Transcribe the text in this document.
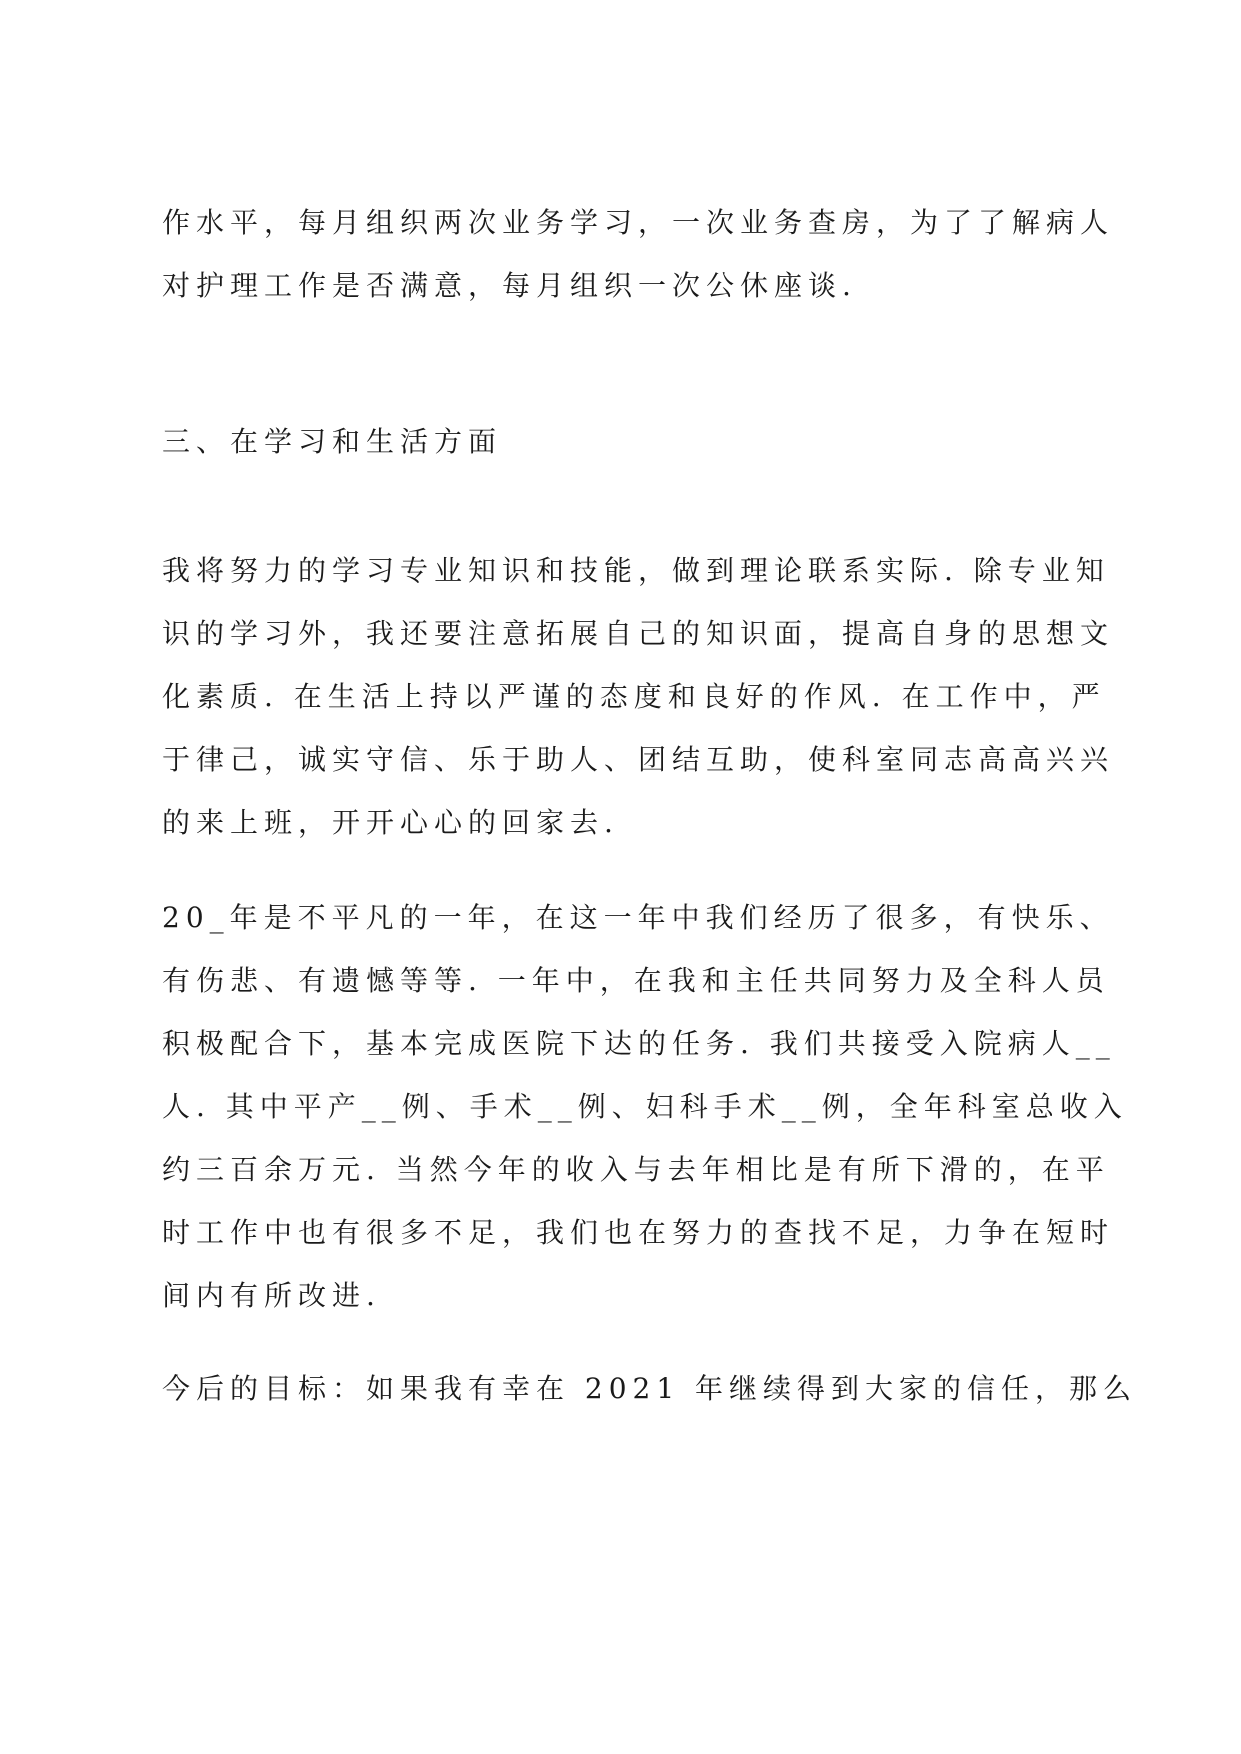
作水平，每月组织两次业务学习，一次业务查房，为了了解病人
对护理工作是否满意，每月组织一次公休座谈.
三、在学习和生活方面
我将努力的学习专业知识和技能，做到理论联系实际. 除专业知
识的学习外，我还要注意拓展自己的知识面，提高自身的思想文
化素质. 在生活上持以严谨的态度和良好的作风. 在工作中，严
于律己，诚实守信、乐于助人、团结互助，使科室同志高高兴兴
的来上班，开开心心的回家去.
20_年是不平凡的一年，在这一年中我们经历了很多，有快乐、
有伤悲、有遗憾等等. 一年中，在我和主任共同努力及全科人员
积极配合下，基本完成医院下达的任务. 我们共接受入院病人__
人. 其中平产__例、手术__例、妇科手术__例，全年科室总收入
约三百余万元. 当然今年的收入与去年相比是有所下滑的，在平
时工作中也有很多不足，我们也在努力的查找不足，力争在短时
间内有所改进.
今后的目标：如果我有幸在 2021 年继续得到大家的信任，那么
